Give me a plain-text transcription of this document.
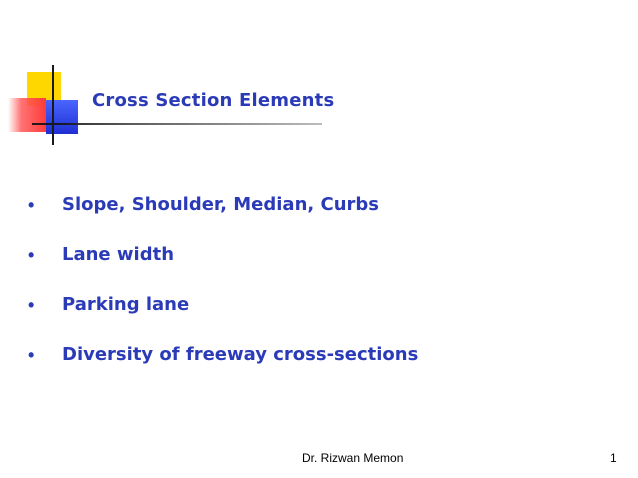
Cross Section Elements
•	Slope, Shoulder, Median, Curbs
•	Lane width
•	Parking lane
•	Diversity of freeway cross-sections
Dr. Rizwan Memon	1
